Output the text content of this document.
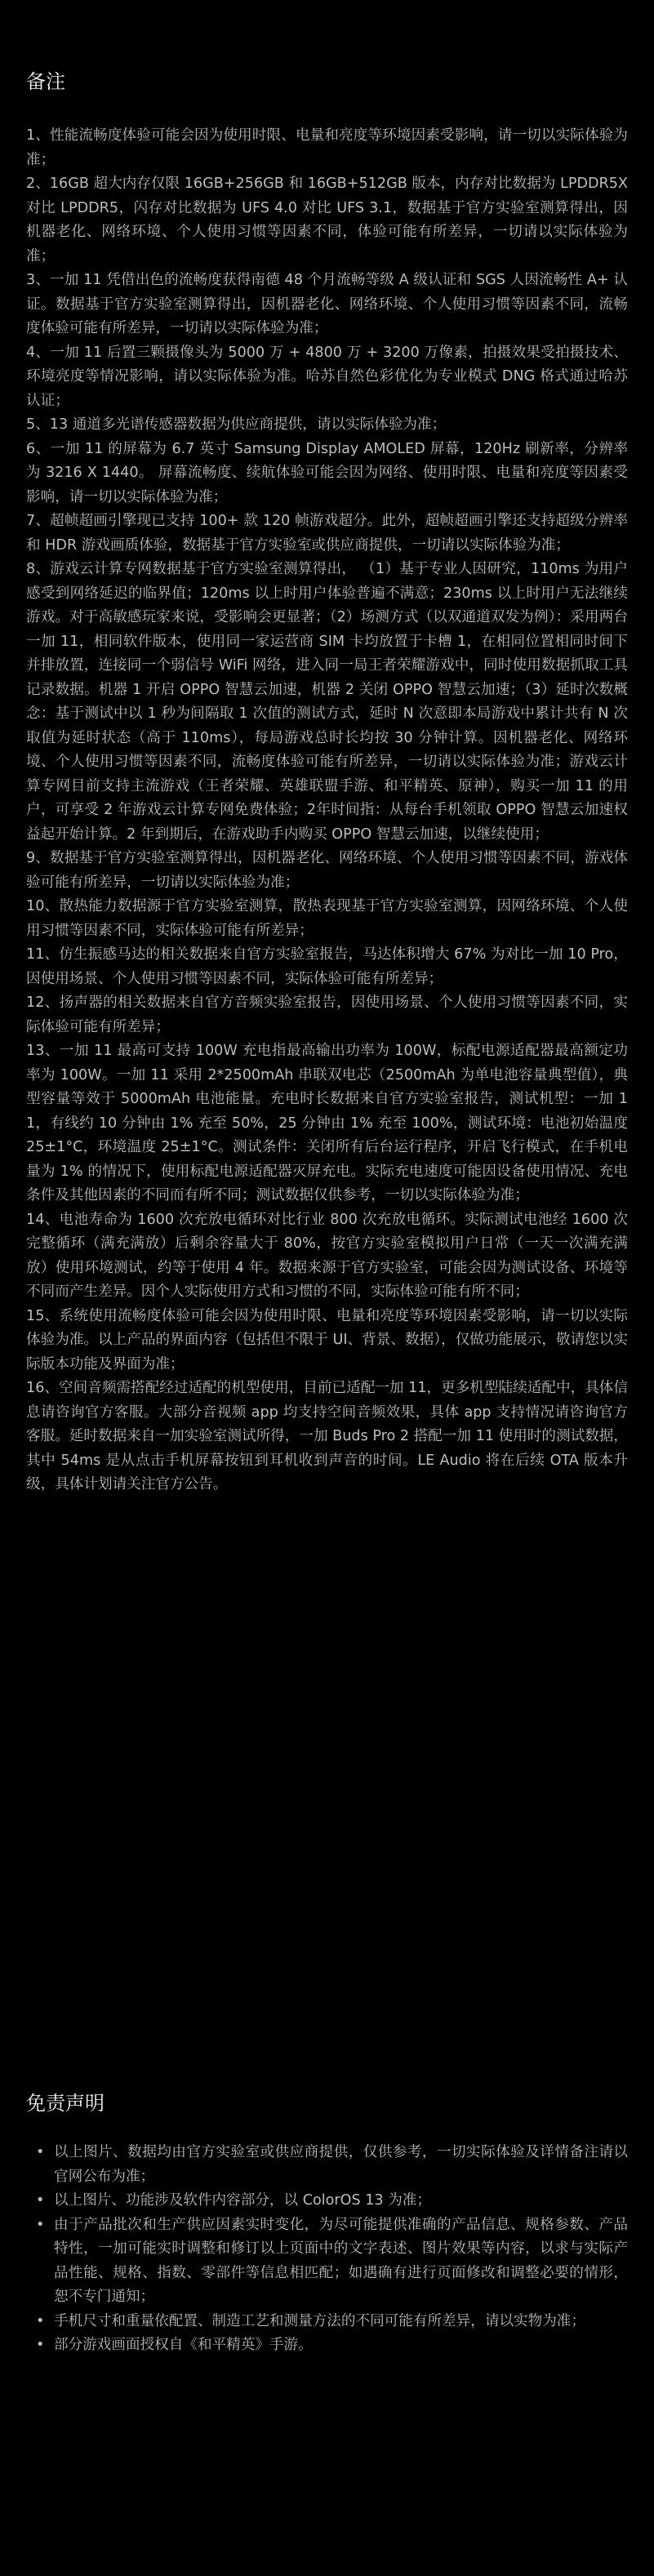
备注

1、性能流畅度体验可能会因为使用时限、电量和亮度等环境因素受影响，请一切以实际体验为准；

2、16GB 超大内存仅限 16GB+256GB 和 16GB+512GB 版本，内存对比数据为 LPDDR5X 对比 LPDDR5，闪存对比数据为 UFS 4.0 对比 UFS 3.1，数据基于官方实验室测算得出，因机器老化、网络环境、个人使用习惯等因素不同，体验可能有所差异，一切请以实际体验为准；

3、一加 11 凭借出色的流畅度获得南德 48 个月流畅等级 A 级认证和 SGS 人因流畅性 A+ 认证。数据基于官方实验室测算得出，因机器老化、网络环境、个人使用习惯等因素不同，流畅度体验可能有所差异，一切请以实际体验为准；

4、一加 11 后置三颗摄像头为 5000 万 + 4800 万 + 3200 万像素，拍摄效果受拍摄技术、环境亮度等情况影响，请以实际体验为准。哈苏自然色彩优化为专业模式 DNG 格式通过哈苏认证；

5、13 通道多光谱传感器数据为供应商提供，请以实际体验为准；

6、一加 11 的屏幕为 6.7 英寸 Samsung Display AMOLED 屏幕，120Hz 刷新率，分辨率为 3216 X 1440。 屏幕流畅度、续航体验可能会因为网络、使用时限、电量和亮度等因素受影响，请一切以实际体验为准；

7、超帧超画引擎现已支持 100+ 款 120 帧游戏超分。此外，超帧超画引擎还支持超级分辨率和 HDR 游戏画质体验，数据基于官方实验室或供应商提供，一切请以实际体验为准；

8、游戏云计算专网数据基于官方实验室测算得出， （1）基于专业人因研究，110ms 为用户感受到网络延迟的临界值；120ms 以上时用户体验普遍不满意；230ms 以上时用户无法继续游戏。对于高敏感玩家来说，受影响会更显著；（2）场测方式（以双通道双发为例）：采用两台一加 11，相同软件版本，使用同一家运营商 SIM 卡均放置于卡槽 1，在相同位置相同时间下并排放置，连接同一个弱信号 WiFi 网络，进入同一局王者荣耀游戏中，同时使用数据抓取工具记录数据。机器 1 开启 OPPO 智慧云加速，机器 2 关闭 OPPO 智慧云加速；（3）延时次数概念：基于测试中以 1 秒为间隔取 1 次值的测试方式，延时 N 次意即本局游戏中累计共有 N 次取值为延时状态（高于 110ms），每局游戏总时长均按 30 分钟计算。因机器老化、网络环境、个人使用习惯等因素不同，流畅度体验可能有所差异，一切请以实际体验为准；游戏云计算专网目前支持主流游戏（王者荣耀、英雄联盟手游、和平精英、原神），购买一加 11 的用户，可享受 2 年游戏云计算专网免费体验；2年时间指：从每台手机领取 OPPO 智慧云加速权益起开始计算。2 年到期后，在游戏助手内购买 OPPO 智慧云加速，以继续使用；

9、数据基于官方实验室测算得出，因机器老化、网络环境、个人使用习惯等因素不同，游戏体验可能有所差异，一切请以实际体验为准；

10、散热能力数据源于官方实验室测算，散热表现基于官方实验室测算，因网络环境、个人使用习惯等因素不同，实际体验可能有所差异；

11、仿生振感马达的相关数据来自官方实验室报告，马达体积增大 67% 为对比一加 10 Pro，因使用场景、个人使用习惯等因素不同，实际体验可能有所差异；

12、扬声器的相关数据来自官方音频实验室报告，因使用场景、个人使用习惯等因素不同，实际体验可能有所差异；

13、一加 11 最高可支持 100W 充电指最高输出功率为 100W，标配电源适配器最高额定功率为 100W。一加 11 采用 2*2500mAh 串联双电芯（2500mAh 为单电池容量典型值），典型容量等效于 5000mAh 电池能量。充电时长数据来自官方实验室报告，测试机型：一加 11，有线约 10 分钟由 1% 充至 50%，25 分钟由 1% 充至 100%，测试环境：电池初始温度 25±1°C，环境温度 25±1°C。测试条件：关闭所有后台运行程序，开启飞行模式，在手机电量为 1% 的情况下，使用标配电源适配器灭屏充电。实际充电速度可能因设备使用情况、充电条件及其他因素的不同而有所不同；测试数据仅供参考，一切以实际体验为准；

14、电池寿命为 1600 次充放电循环对比行业 800 次充放电循环。实际测试电池经 1600 次完整循环（满充满放）后剩余容量大于 80%，按官方实验室模拟用户日常（一天一次满充满放）使用环境测试，约等于使用 4 年。数据来源于官方实验室，可能会因为测试设备、环境等不同而产生差异。因个人实际使用方式和习惯的不同，实际体验可能有所不同；

15、系统使用流畅度体验可能会因为使用时限、电量和亮度等环境因素受影响，请一切以实际体验为准。以上产品的界面内容（包括但不限于 UI、背景、数据），仅做功能展示，敬请您以实际版本功能及界面为准；

16、空间音频需搭配经过适配的机型使用，目前已适配一加 11，更多机型陆续适配中，具体信息请咨询官方客服。大部分音视频 app 均支持空间音频效果，具体 app 支持情况请咨询官方客服。延时数据来自一加实验室测试所得，一加 Buds Pro 2 搭配一加 11 使用时的测试数据，其中 54ms 是从点击手机屏幕按钮到耳机收到声音的时间。LE Audio 将在后续 OTA 版本升级，具体计划请关注官方公告。

免责声明
• 以上图片、数据均由官方实验室或供应商提供，仅供参考，一切实际体验及详情备注请以官网公布为准；
• 以上图片、功能涉及软件内容部分，以 ColorOS 13 为准；
• 由于产品批次和生产供应因素实时变化，为尽可能提供准确的产品信息、规格参数、产品特性，一加可能实时调整和修订以上页面中的文字表述、图片效果等内容，以求与实际产品性能、规格、指数、零部件等信息相匹配；如遇确有进行页面修改和调整必要的情形，恕不专门通知；
• 手机尺寸和重量依配置、制造工艺和测量方法的不同可能有所差异，请以实物为准；
• 部分游戏画面授权自《和平精英》手游。
